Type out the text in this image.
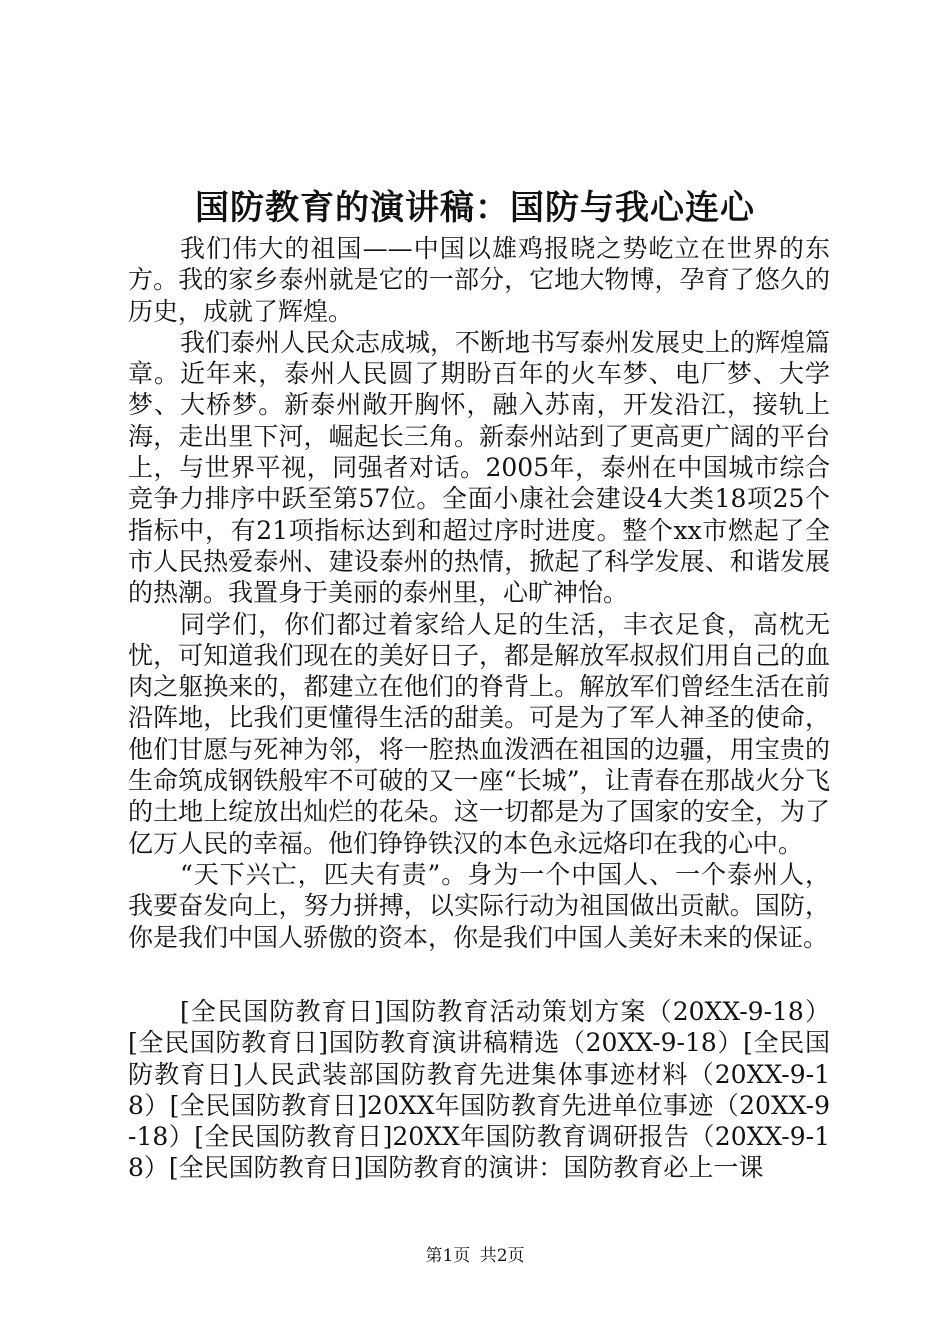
国防教育的演讲稿：国防与我心连心

我们伟大的祖国——中国以雄鸡报晓之势屹立在世界的东方。我的家乡泰州就是它的一部分，它地大物博，孕育了悠久的历史，成就了辉煌。

我们泰州人民众志成城，不断地书写泰州发展史上的辉煌篇章。近年来，泰州人民圆了期盼百年的火车梦、电厂梦、大学梦、大桥梦。新泰州敞开胸怀，融入苏南，开发沿江，接轨上海，走出里下河，崛起长三角。新泰州站到了更高更广阔的平台上，与世界平视，同强者对话。2005年，泰州在中国城市综合竞争力排序中跃至第57位。全面小康社会建设4大类18项25个指标中，有21项指标达到和超过序时进度。整个xx市燃起了全市人民热爱泰州、建设泰州的热情，掀起了科学发展、和谐发展的热潮。我置身于美丽的泰州里，心旷神怡。

同学们，你们都过着家给人足的生活，丰衣足食，高枕无忧，可知道我们现在的美好日子，都是解放军叔叔们用自己的血肉之躯换来的，都建立在他们的脊背上。解放军们曾经生活在前沿阵地，比我们更懂得生活的甜美。可是为了军人神圣的使命，他们甘愿与死神为邻，将一腔热血泼洒在祖国的边疆，用宝贵的生命筑成钢铁般牢不可破的又一座“长城”，让青春在那战火分飞的土地上绽放出灿烂的花朵。这一切都是为了国家的安全，为了亿万人民的幸福。他们铮铮铁汉的本色永远烙印在我的心中。

“天下兴亡，匹夫有责”。身为一个中国人、一个泰州人，我要奋发向上，努力拼搏，以实际行动为祖国做出贡献。国防，你是我们中国人骄傲的资本，你是我们中国人美好未来的保证。

[全民国防教育日]国防教育活动策划方案（20XX-9-18）[全民国防教育日]国防教育演讲稿精选（20XX-9-18）[全民国防教育日]人民武装部国防教育先进集体事迹材料（20XX-9-18）[全民国防教育日]20XX年国防教育先进单位事迹（20XX-9-18）[全民国防教育日]20XX年国防教育调研报告（20XX-9-18）[全民国防教育日]国防教育的演讲：国防教育必上一课

第1页 共2页
